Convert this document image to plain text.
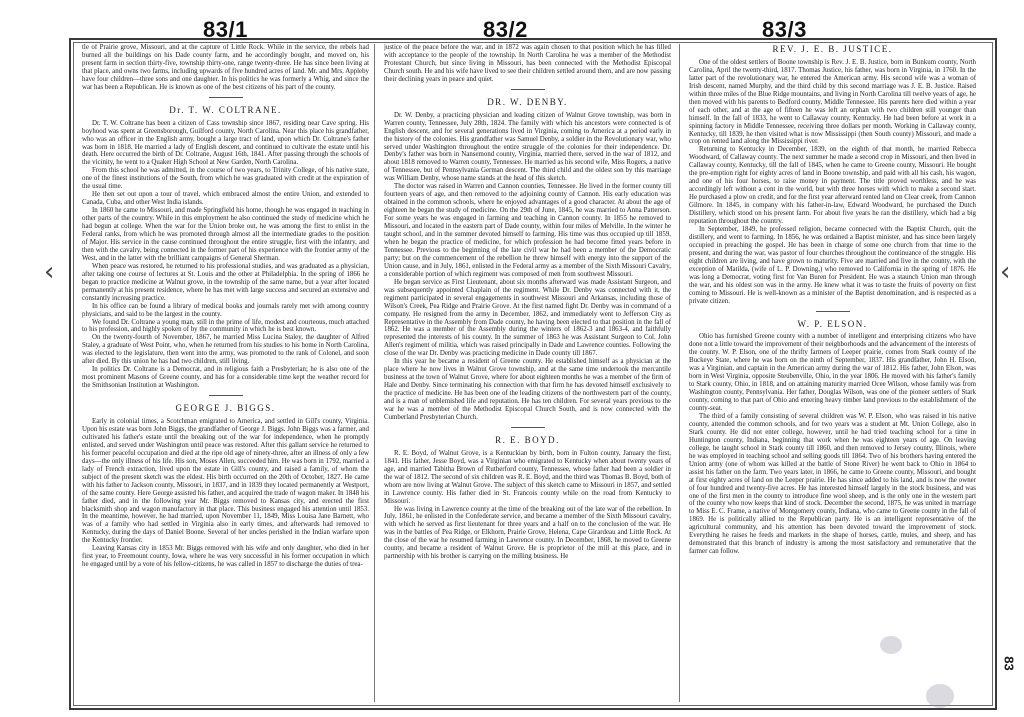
83/1	83/2	83/3

tle of Prairie grove, Missouri, and at the capture of Little Rock. While in the service, the rebels had burned all the buildings on his Dade county farm, and he accordingly bought, and moved on, his present farm in section thirty-five, township thirty-one, range twenty-three. He has since been living at that place, and owns two farms, including upwards of five hundred acres of land. Mr. and Mrs. Appleby have four children—three sons and one daughter. In his politics he was formerly a Whig, and since the war has been a Republican. He is known as one of the best citizens of his part of the county.

Dr. T. W. COLTRANE.

Dr. T. W. Coltrane has been a citizen of Cass township since 1867, residing near Cave spring. His boyhood was spent at Greensborough, Guilford county, North Carolina. Near this place his grandfather, who was an officer in the English army, bought a large tract of land, upon which Dr. Coltrane's father was born in 1818. He married a lady of English descent, and continued to cultivate the estate until his death. Here occurred the birth of Dr. Coltrane, August 16th, 1841. After passing through the schools of the vicinity, he went to a Quaker High School at New Garden, North Carolina.

From this school he was admitted, in the course of two years, to Trinity College, of his native state, one of the finest institutions of the South, from which he was graduated with credit at the expiration of the usual time.

He then set out upon a tour of travel, which embraced almost the entire Union, and extended to Canada, Cuba, and other West India islands.

In 1860 he came to Missouri, and made Springfield his home, though he was engaged in teaching in other parts of the country. While in this employment he also continued the study of medicine which he had begun at college. When the war for the Union broke out, he was among the first to enlist in the Federal ranks, from which he was promoted through almost all the intermediate grades to the position of Major. His service in the cause continued throughout the entire struggle, first with the infantry, and then with the cavalry, being connected in the former part of his experience with the frontier army of the West, and in the latter with the brilliant campaigns of General Sherman.

When peace was restored, he returned to his professional studies, and was graduated as a physician, after taking one course of lectures at St. Louis and the other at Philadelphia. In the spring of 1866 he began to practice medicine at Walnut grove, in the township of the same name, but a year after located permanently at his present residence, where he has met with large success and secured an extensive and constantly increasing practice.

In his office can be found a library of medical books and journals rarely met with among country physicians, and said to be the largest in the county.

We found Dr. Coltrane a young man, still in the prime of life, modest and courteous, much attached to his profession, and highly spoken of by the community in which he is best known.

On the twenty-fourth of November, 1867, he married Miss Lucina Staley, the daughter of Alfred Staley, a graduate of West Point, who, when he returned from his studies to his home in North Carolina, was elected to the legislature, then went into the army, was promoted to the rank of Colonel, and soon after died. By this union he has had two children, still living.

In politics Dr. Coltrane is a Democrat, and in religious faith a Presbyterian; he is also one of the most prominent Masons of Greene county, and has for a considerable time kept the weather record for the Smithsonian Institution at Washington.

GEORGE J. BIGGS.

Early in colonial times, a Scotchman emigrated to America, and settled in Gill's county, Virginia. Upon his estate was born John Biggs, the grandfather of George J. Biggs. John Biggs was a farmer, and cultivated his father's estate until the breaking out of the war for independence, when he promptly enlisted, and served under Washington until peace was restored. After this gallant service he returned to his former peaceful occupation and died at the ripe old age of ninety-three, after an illness of only a few days—the only illness of his life. His son, Moses Allen, succeeded him. He was born in 1792, married a lady of French extraction, lived upon the estate in Gill's county, and raised a family, of whom the subject of the present sketch was the eldest. His birth occurred on the 20th of October, 1827. He came with his father to Jackson county, Missouri, in 1837, and in 1839 they located permanently at Westport, of the same county. Here George assisted his father, and acquired the trade of wagon maker. In 1848 his father died, and in the following year Mr. Biggs removed to Kansas city, and erected the first blacksmith shop and wagon manufactory in that place. This business engaged his attention until 1853. In the meantime, however, he had married, upon November 11, 1849, Miss Louisa Jane Barnett, who was of a family who had settled in Virginia also in early times, and afterwards had removed to Kentucky, during the days of Daniel Boone. Several of her uncles perished in the Indian warfare upon the Kentucky frontier.

Leaving Kansas city in 1853 Mr. Biggs removed with his wife and only daughter, who died in her first year, to Freemount county, Iowa, where he was very successful in his former occupation in which he engaged until by a vote of his fellow-citizens, he was called in 1857 to discharge the duties of trea-

justice of the peace before the war, and in 1872 was again chosen to that position which he has filled with acceptance to the people of the township. In North Carolina he was a member of the Methodist Protestant Church, but since living in Missouri, has been connected with the Methodist Episcopal Church south. He and his wife have lived to see their children settled around them, and are now passing their declining years in peace and quiet.

DR. W. DENBY.

Dr. W. Denby, a practicing physician and leading citizen of Walnut Grove township, was born in Warren county, Tennessee, July 28th, 1824. The family with which his ancestors were connected is of English descent, and for several generations lived in Virginia, coming to America at a period early in the history of the colonies. His grandfather was Samuel Denby, a soldier in the Revolutionary war, who served under Washington throughout the entire struggle of the colonies for their independence. Dr. Denby's father was born in Nansemond county, Virginia, married there, served in the war of 1812, and about 1818 removed to Warren county, Tennessee. He married as his second wife, Miss Rogers, a native of Tennessee, but of Pennsylvania German descent. The third child and the oldest son by this marriage was William Denby, whose name stands at the head of this sketch.

The doctor was raised in Warren and Cannon counties, Tennessee. He lived in the former county till fourteen years of age, and then removed to the adjoining county of Cannon. His early education was obtained in the common schools, where he enjoyed advantages of a good character. At about the age of eighteen he began the study of medicine. On the 29th of June, 1845, he was married to Anna Patterson. For some years he was engaged in farming and teaching in Cannon county. In 1855 he removed to Missouri, and located in the eastern part of Dade county, within four miles of Melville. In the winter he taught school, and in the summer devoted himself to farming. His time was thus occupied up till 1859, when he began the practice of medicine, for which profession he had become fitted years before in Tennessee. Previous to the beginning of the late civil war he had been a member of the Democratic party; but on the commencement of the rebellion he threw himself with energy into the support of the Union cause, and in July, 1861, enlisted in the Federal army as a member of the Sixth Missouri Cavalry, a considerable portion of which regiment was composed of men from southwest Missouri.

He began service as First Lieutenant, about six months afterward was made Assistant Surgeon, and was subsequently appointed Chaplain of the regiment. While Dr. Denby was connected with it, the regiment participated in several engagements in southwest Missouri and Arkansas, including those of Wilson's Creek, Pea Ridge and Prairie Grove. At the first named fight Dr. Denby was in command of a company. He resigned from the army in December, 1862, and immediately went to Jefferson City as Representative in the Assembly from Dade county, he having been elected to that position in the fall of 1862. He was a member of the Assembly during the winters of 1862-3 and 1863-4, and faithfully represented the interests of his county. In the summer of 1863 he was Assistant Surgeon to Col. John Allen's regiment of militia, which was raised principally in Dade and Lawrence counties. Following the close of the war Dr. Denby was practicing medicine in Dade county till 1867.

In this year he became a resident of Greene county. He established himself as a physician at the place where he now lives in Walnut Grove township, and at the same time undertook the mercantile business at the town of Walnut Grove, where for about eighteen months he was a member of the firm of Hale and Denby. Since terminating his connection with that firm he has devoted himself exclusively to the practice of medicine. He has been one of the leading citizens of the northwestern part of the county, and is a man of unblemished life and reputation. He has ten children. For several years previous to the war he was a member of the Methodist Episcopal Church South, and is now connected with the Cumberland Presbyterian Church.

R. E. BOYD.

R. E. Boyd, of Walnut Grove, is a Kentuckian by birth, born in Fulton county, January the first, 1841. His father, Jesse Boyd, was a Virginian who emigrated to Kentucky when about twenty years of age, and married Tabitha Brown of Rutherford county, Tennessee, whose father had been a soldier in the war of 1812. The second of six children was R. E. Boyd, and the third was Thomas B. Boyd, both of whom are now living at Walnut Grove. The subject of this sketch came to Missouri in 1857, and settled in Lawrence county. His father died in St. Francois county while on the road from Kentucky to Missouri.

He was living in Lawrence county at the time of the breaking out of the late war of the rebellion. In July, 1861, he enlisted in the Confederate service, and became a member of the Sixth Missouri cavalry, with which he served as first lieutenant for three years and a half on to the conclusion of the war. He was in the battles of Pea Ridge, or Elkhorn, Prairie Grove, Helena, Cape Girardeau and Little Rock. At the close of the war he resumed farming in Lawrence county. In December, 1868, he moved to Greene county, and became a resident of Walnut Grove. He is proprietor of the mill at this place, and in partnership with his brother is carrying on the milling business. He

REV. J. E. B. JUSTICE.

One of the oldest settlers of Boone township is Rev. J. E. B. Justice, born in Bunkum county, North Carolina, April the twenty-third, 1817. Thomas Justice, his father, was born in Virginia, in 1760. In the latter part of the revolutionary war, he entered the American army. His second wife was a woman of Irish descent, named Murphy, and the third child by this second marriage was J. E. B. Justice. Raised within three miles of the Blue Ridge mountains, and living in North Carolina till twelve years of age, he then moved with his parents to Bedford county, Middle Tennessee. His parents here died within a year of each other, and at the age of fifteen he was left an orphan with two children still younger than himself. In the fall of 1833, he went to Callaway county, Kentucky. He had been before at work in a spinning factory in Middle Tennessee, receiving three dollars per month. Working in Callaway county, Kentucky, till 1839, he then visited what is now Mississippi (then South county) Missouri, and made a crop on rented land along the Mississippi river.

Returning to Kentucky in December, 1839, on the eighth of that month, he married Rebecca Woodward, of Callaway county. The next summer he made a second crop in Missouri, and then lived in Callaway county, Kentucky, till the fall of 1845, when he came to Greene county, Missouri. He bought the pre-emption right for eighty acres of land in Boone township, and paid with all his cash, his wagon, and one of his four horses, to raise money in payment. The title proved worthless, and he was accordingly left without a cent in the world, but with three horses with which to make a second start. He purchased a plow on credit, and for the first year afterward rented land on Clear creek, from Cannon Gilmore. In 1845, in company with his father-in-law, Edward Woodward, he purchased the Dutch Distillery, which stood on his present farm. For about five years he ran the distillery, which had a big reputation throughout the country.

In September, 1849, he professed religion, became connected with the Baptist Church, quit the distillery, and went to farming. In 1856, he was ordained a Baptist minister, and has since been largely occupied in preaching the gospel. He has been in charge of some one church from that time to the present, and during the war, was pastor of four churches throughout the continuance of the struggle. His eight children are living, and have grown to maturity. Five are married and live in the county, with the exception of Matilda, (wife of L. P. Downing,) who removed to California in the spring of 1876. He was long a Democrat, voting first for Van Buren for President. He was a staunch Union man through the war, and his oldest son was in the army. He knew what it was to taste the fruits of poverty on first coming to Missouri. He is well-known as a minister of the Baptist denomination, and is respected as a private citizen.

W. P. ELSON.

Ohio has furnished Greene county with a number of intelligent and enterprising citizens who have done not a little toward the improvement of their neighborhoods and the advancement of the interests of the county. W. P. Elson, one of the thrifty farmers of Leeper prairie, comes from Stark county of the Buckeye State, where he was born on the ninth of September, 1837. His grandfather, John H. Elson, was a Virginian, and captain in the American army during the war of 1812. His father, John Elson, was born in West Virginia, opposite Steubenville, Ohio, in the year 1806. He moved with his father's family to Stark county, Ohio, in 1818, and on attaining maturity married Ocee Wilson, whose family was from Washington county, Pennsylvania. Her father, Douglas Wilson, was one of the pioneer settlers of Stark county, coming to that part of Ohio and entering heavy timber land previous to the establishment of the county-seat.

The third of a family consisting of several children was W. P. Elson, who was raised in his native county, attended the common schools, and for two years was a student at Mt. Union College, also in Stark county. He did not enter college, however, until he had tried teaching school for a time in Huntington county, Indiana, beginning that work when he was eighteen years of age. On leaving college, he taught school in Stark county till 1860, and then removed to Jersey county, Illinois, where he was employed in teaching school and selling goods till 1864. Two of his brothers having entered the Union army (one of whom was killed at the battle of Stone River) he went back to Ohio in 1864 to assist his father on the farm. Two years later, in 1866, he came to Greene county, Missouri, and bought at first eighty acres of land on the Leeper prairie. He has since added to his land, and is now the owner of four hundred and twenty-five acres. He has interested himself largely in the stock business, and was one of the first men in the county to introduce fine wool sheep, and is the only one in the western part of the county who now keeps that kind of stock. December the second, 1875, he was united in marriage to Miss E. C. Frame, a native of Montgomery county, Indiana, who came to Greene county in the fall of 1869. He is politically allied to the Republican party. He is an intelligent representative of the agricultural community, and his attention has been devoted toward the improvement of stock. Everything he raises he feeds and markets in the shape of horses, cattle, mules, and sheep, and has demonstrated that this branch of industry is among the most satisfactory and remunerative that the farmer can follow.

‹	‹
83
